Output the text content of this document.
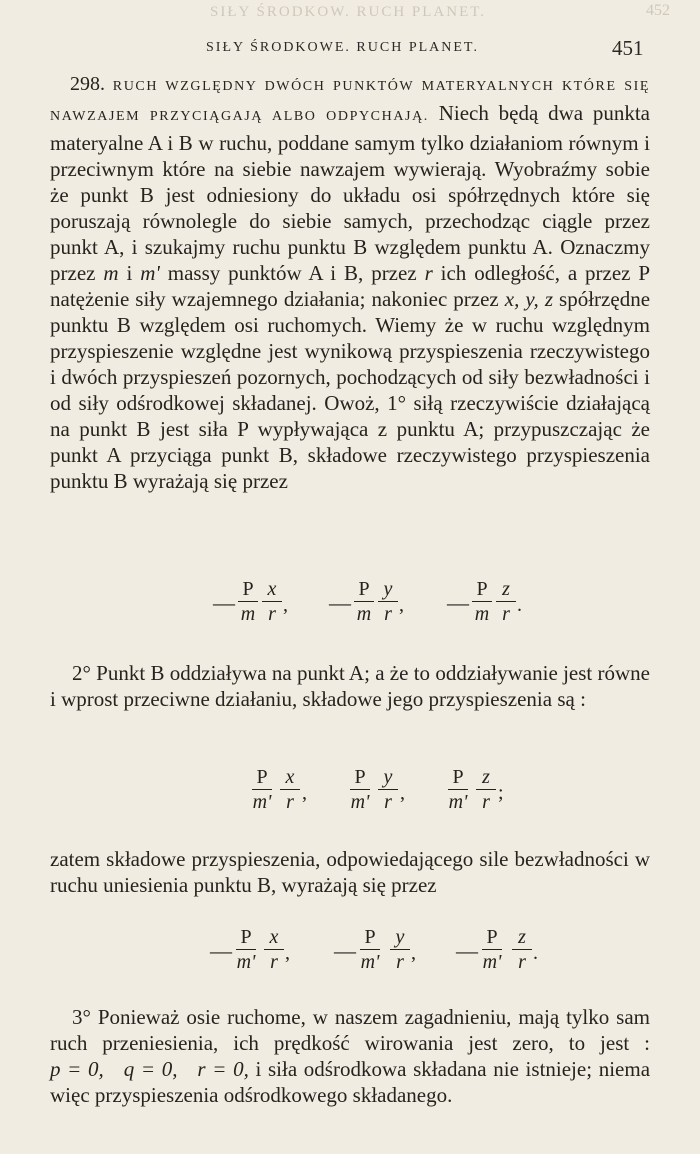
SIŁY ŚRODKOW. RUCH PLANET.	452
SIŁY ŚRODKOWE. RUCH PLANET.	451
298. RUCH WZGLĘDNY DWÓCH PUNKTÓW MATERYALNYCH KTÓRE SIĘ NAWZAJEM PRZYCIĄGAJĄ ALBO ODPYCHAJĄ. Niech będą dwa punkta materyalne A i B w ruchu, poddane samym tylko działaniom równym i przeciwnym które na siebie nawzajem wywierają. Wyobraźmy sobie że punkt B jest odniesiony do układu osi spółrzędnych które się poruszają równolegle do siebie samych, przechodząc ciągle przez punkt A, i szukajmy ruchu punktu B względem punktu A. Oznaczmy przez m i m' massy punktów A i B, przez r ich odległość, a przez P natężenie siły wzajemnego działania; nakoniec przez x, y, z spółrzędne punktu B względem osi ruchomych. Wiemy że w ruchu względnym przyspieszenie względne jest wynikową przyspieszenia rzeczywistego i dwóch przyspieszeń pozornych, pochodzących od siły bezwładności i od siły odśrodkowej składanej. Owoż, 1° siłą rzeczywiście działającą na punkt B jest siła P wypływająca z punktu A; przypuszczając że punkt A przyciąga punkt B, składowe rzeczywistego przyspieszenia punktu B wyrażają się przez
— $\frac{P}{m} \frac{x}{r}$ , — $\frac{P}{m} \frac{y}{r}$ , — $\frac{P}{m} \frac{z}{r}$ .
2° Punkt B oddziaływa na punkt A; a że to oddziaływanie jest równe i wprost przeciwne działaniu, składowe jego przyspieszenia są :
$\frac{P}{m'} \frac{x}{r}$ , $\frac{P}{m'} \frac{y}{r}$ , $\frac{P}{m'} \frac{z}{r}$ ;
zatem składowe przyspieszenia, odpowiedającego sile bezwładności w ruchu uniesienia punktu B, wyrażają się przez
— $\frac{P}{m'} \frac{x}{r}$ , — $\frac{P}{m'} \frac{y}{r}$ , — $\frac{P}{m'} \frac{z}{r}$ .
3° Ponieważ osie ruchome, w naszem zagadnieniu, mają tylko sam ruch przeniesienia, ich prędkość wirowania jest zero, to jest : p = 0,   q = 0,   r = 0, i siła odśrodkowa składana nie istnieje; niema więc przyspieszenia odśrodkowego składanego.
